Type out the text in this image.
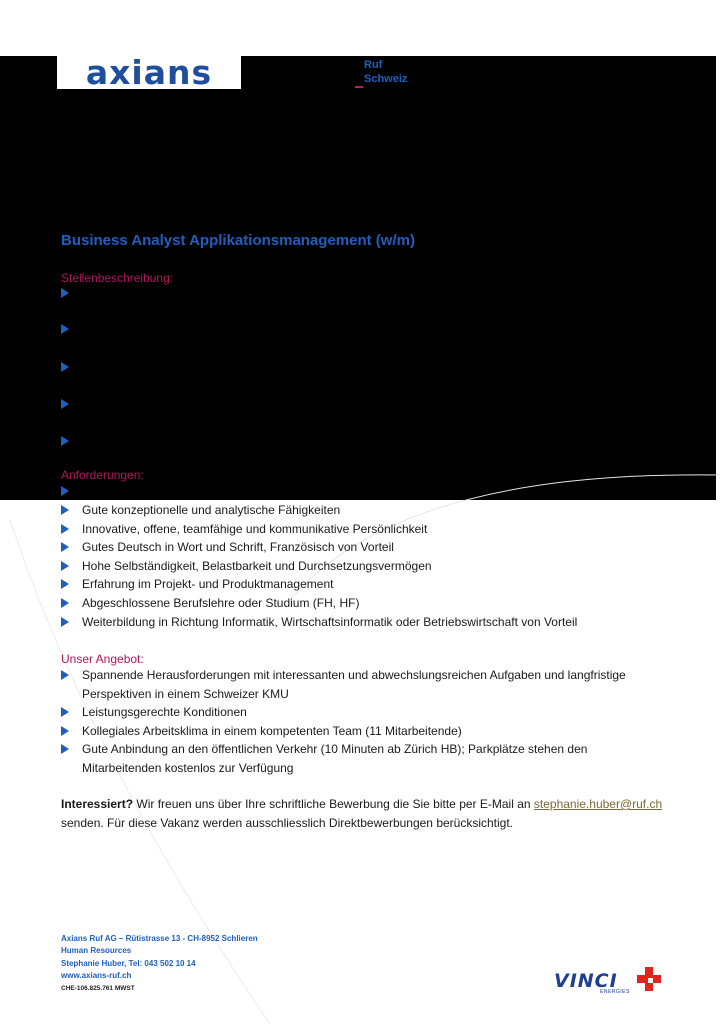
axians	Ruf
Schweiz
Business Analyst Applikationsmanagement (w/m)
Stellenbeschreibung:
Anforderungen:
Gute konzeptionelle und analytische Fähigkeiten
Innovative, offene, teamfähige und kommunikative Persönlichkeit
Gutes Deutsch in Wort und Schrift, Französisch von Vorteil
Hohe Selbständigkeit, Belastbarkeit und Durchsetzungsvermögen
Erfahrung im Projekt- und Produktmanagement
Abgeschlossene Berufslehre oder Studium (FH, HF)
Weiterbildung in Richtung Informatik, Wirtschaftsinformatik oder Betriebswirtschaft von Vorteil
Unser Angebot:
Spannende Herausforderungen mit interessanten und abwechslungsreichen Aufgaben und langfristige
Perspektiven in einem Schweizer KMU
Leistungsgerechte Konditionen
Kollegiales Arbeitsklima in einem kompetenten Team (11 Mitarbeitende)
Gute Anbindung an den öffentlichen Verkehr (10 Minuten ab Zürich HB); Parkplätze stehen den
Mitarbeitenden kostenlos zur Verfügung
Interessiert? Wir freuen uns über Ihre schriftliche Bewerbung die Sie bitte per E-Mail an stephanie.huber@ruf.ch
senden. Für diese Vakanz werden ausschliesslich Direktbewerbungen berücksichtigt.
Axians Ruf AG – Rütistrasse 13 - CH-8952 Schlieren
Human Resources
Stephanie Huber, Tel: 043 502 10 14
www.axians-ruf.ch
CHE-106.825.761 MWST	VINCI
ENERGIES
